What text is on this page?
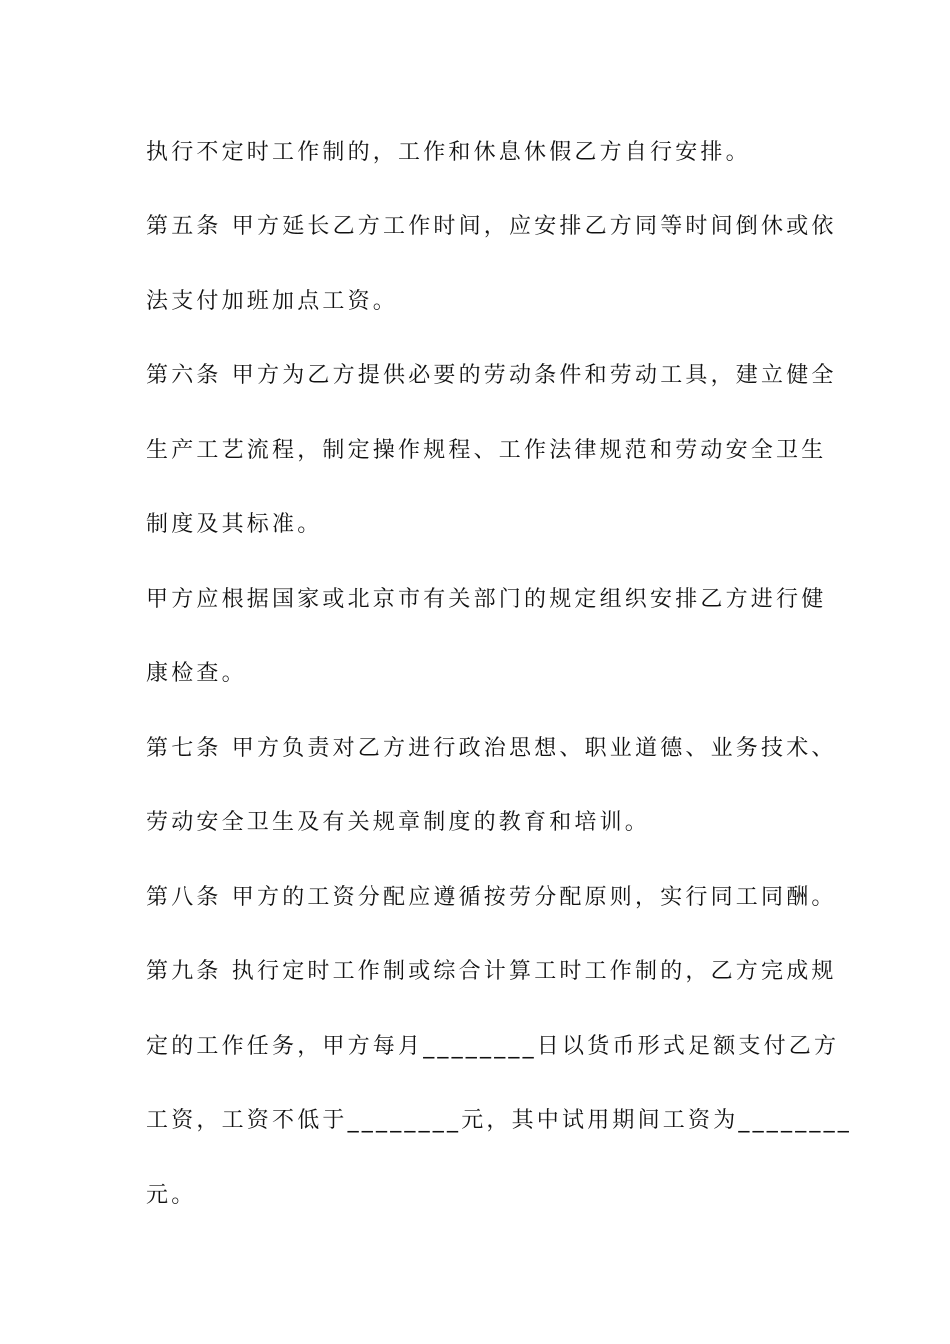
执行不定时工作制的，工作和休息休假乙方自行安排。
第五条 甲方延长乙方工作时间，应安排乙方同等时间倒休或依
法支付加班加点工资。
第六条 甲方为乙方提供必要的劳动条件和劳动工具，建立健全
生产工艺流程，制定操作规程、工作法律规范和劳动安全卫生
制度及其标准。
甲方应根据国家或北京市有关部门的规定组织安排乙方进行健
康检查。
第七条 甲方负责对乙方进行政治思想、职业道德、业务技术、
劳动安全卫生及有关规章制度的教育和培训。
第八条 甲方的工资分配应遵循按劳分配原则，实行同工同酬。
第九条 执行定时工作制或综合计算工时工作制的，乙方完成规
定的工作任务，甲方每月________日以货币形式足额支付乙方
工资，工资不低于________元，其中试用期间工资为________
元。
